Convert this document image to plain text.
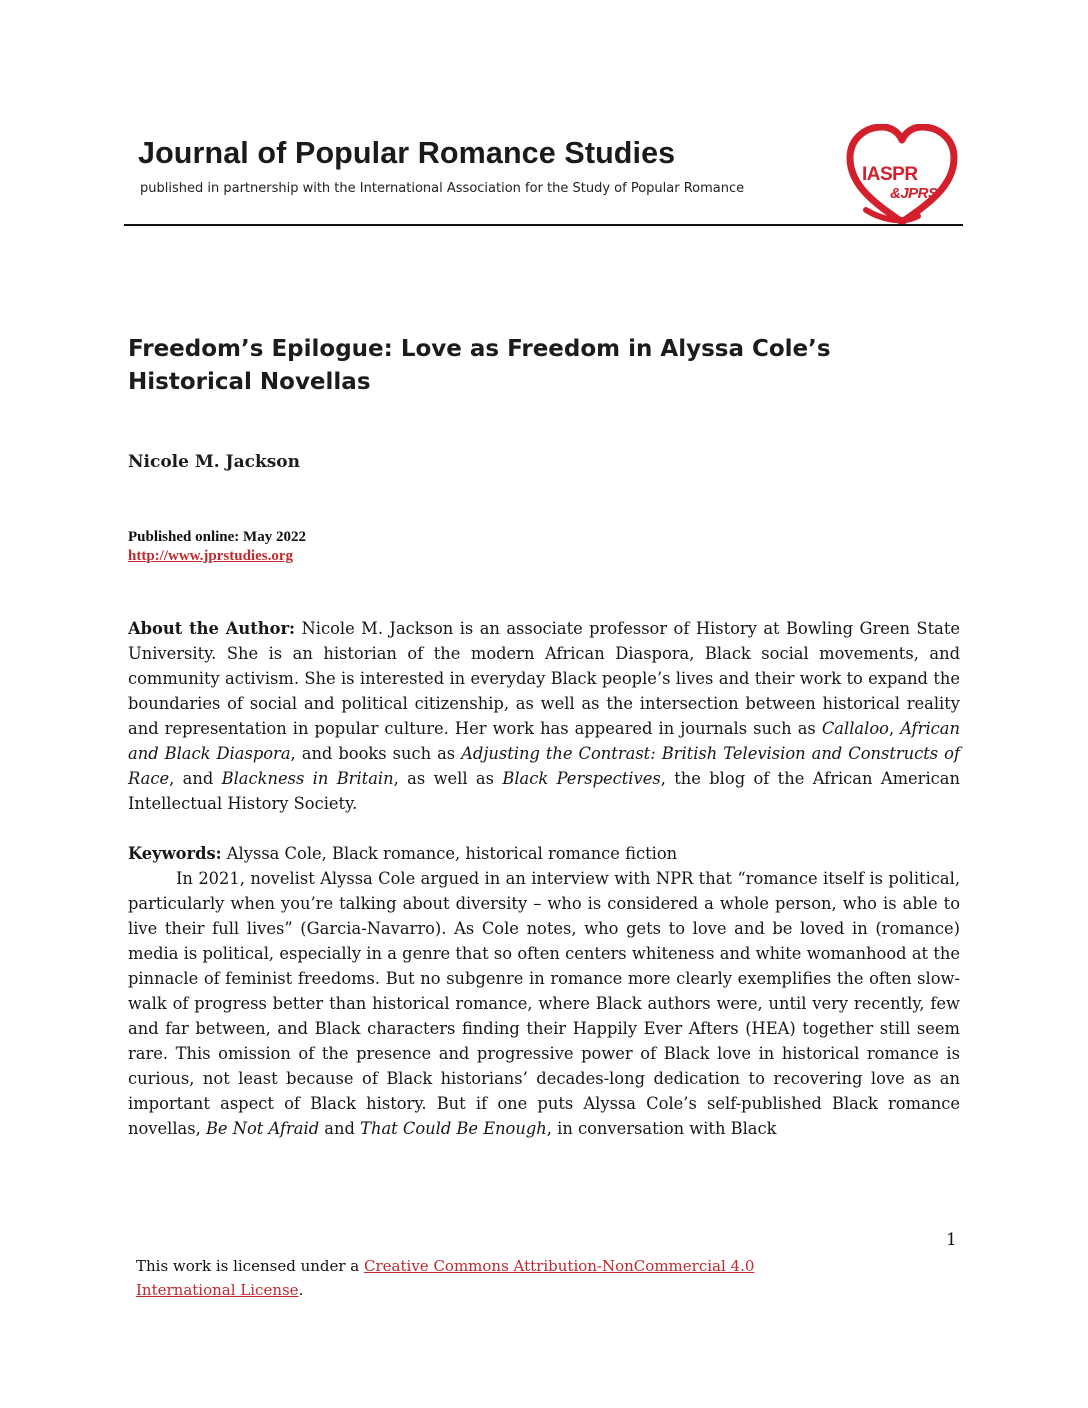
Journal of Popular Romance Studies
published in partnership with the International Association for the Study of Popular Romance
IASPR
&JPRS
Freedom’s Epilogue: Love as Freedom in Alyssa Cole’s Historical Novellas
Nicole M. Jackson
Published online: May 2022
http://www.jprstudies.org
About the Author: Nicole M. Jackson is an associate professor of History at Bowling Green State University. She is an historian of the modern African Diaspora, Black social movements, and community activism. She is interested in everyday Black people’s lives and their work to expand the boundaries of social and political citizenship, as well as the intersection between historical reality and representation in popular culture. Her work has appeared in journals such as Callaloo, African and Black Diaspora, and books such as Adjusting the Contrast: British Television and Constructs of Race, and Blackness in Britain, as well as Black Perspectives, the blog of the African American Intellectual History Society.
Keywords: Alyssa Cole, Black romance, historical romance fiction
In 2021, novelist Alyssa Cole argued in an interview with NPR that “romance itself is political, particularly when you’re talking about diversity – who is considered a whole person, who is able to live their full lives” (Garcia-Navarro). As Cole notes, who gets to love and be loved in (romance) media is political, especially in a genre that so often centers whiteness and white womanhood at the pinnacle of feminist freedoms. But no subgenre in romance more clearly exemplifies the often slow-walk of progress better than historical romance, where Black authors were, until very recently, few and far between, and Black characters finding their Happily Ever Afters (HEA) together still seem rare. This omission of the presence and progressive power of Black love in historical romance is curious, not least because of Black historians’ decades-long dedication to recovering love as an important aspect of Black history. But if one puts Alyssa Cole’s self-published Black romance novellas, Be Not Afraid and That Could Be Enough, in conversation with Black
1
This work is licensed under a Creative Commons Attribution-NonCommercial 4.0 International License.
